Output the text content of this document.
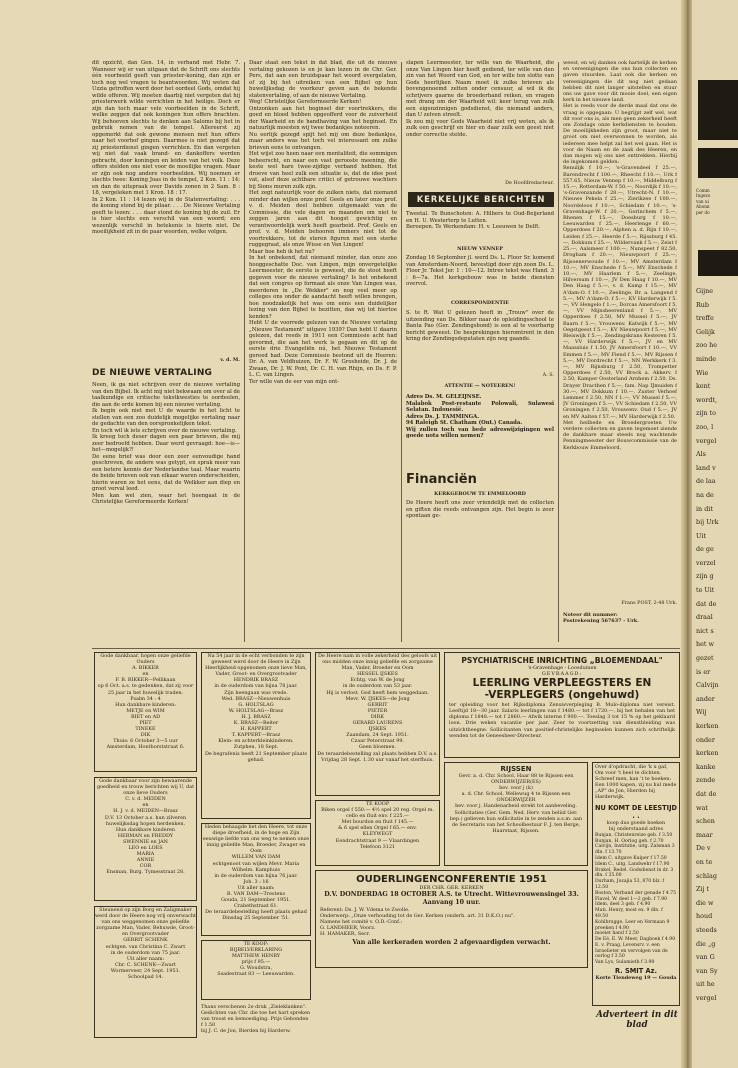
dit opzicht, dan Gen. 14, in verband met Hebr. 7. Wanneer wij er van uitgaan dat de Schrift ons slechts één voorbeeld geeft van priester-koning, dan zijn er toch nog wel vragen te beantwoorden. Wij weten dat Uzzia getroffen werd door het oordeel Gods, omdat hij wilde offeren. Wij moeten daarbij niet vergeten dat hij priesterwerk wilde verrichten in het heilige. Doch er zijn dan toch maar vele voorbeelden in de Schrift, welke zeggen dat ook koningen hun offers brachten. Wij behoeven slechts te denken aan Salomo bij het in gebruik nemen van de tempel. Allereerst zij opgemerkt dat ook gewone mensen met hun offers naar het voorhof gingen. Daarmee is niet gezegd dat zij priesterdienst gingen verrichten. En dan vergeten wij niet dat vaak brand- en dankoffers werden gebracht, door koningen en leiden van het volk. Deze offers stelden ons niet voor de moeilijke vragen. Maar er zijn ook nog andere voorbeelden. Wij noemen er slechts twee: Koning Joas in de tempel, 2 Kon. 11 : 14; en dan de uitspraak over Davids zonen in 2 Sam. 8 : 18, vergeleken met 1 Kron. 18 : 17.
In 2 Kon. 11 : 14 lezen wij in de Statenvertaling: . . . de koning stond bij de pilaar. . . . De Nieuwe Vertaling geeft te lezen: . . . daar stond de koning bij de zuil. Er is hier slechts een verschil van een woord; een wezenlijk verschil in betekenis is hierin niet. De moeilijkheid zit in de paar woorden, welke volgen.
v. d. M.
DE NIEUWE VERTALING
Neen, ik ga niet schrijven over de nieuwe vertaling van den Bijbel. Ik acht mij niet bekwaam om over al de taalkundige en critische tekstkwesties te oordeelen, die aan de orde komen bij een nieuwe vertaling.
Ik begin ook niet met U de waarde in het licht te stellen van een zoo duidelijk mogelijke vertaling naar de gedachte van den oorspronkelijken tekst.
En toch wil ik iets schrijven over de nieuwe vertaling.
Ik kreeg toch deser dagen een paar brieven, die mij zeer bedroefd hebben. Daar werd gevraagd: hoe—is—het—mogelijk?!
De eene brief was door een zeer eenvoudige hand geschreven, de andere was getypt, en sprak meer van een betere kennis der Nederlandse taal. Maar waarin de beide brieven ook van elkaar waren onderscheiden, hierin waren ze het eens, dat de Welkker aan diep en groot verval leed.
Men kan wel zien, waar het heengaat in de Christelijke Gereformeerde Kerken!
Daar staat een tekst in dat blad, die uit de nieuwe vertaling gekozen is en je kan lezen in de Chr. Ger. Pers, dat aan een bruidspaar het woord overgelaten, of zij bij het uitreiken van een Bijbel op hun huwelijksdag de voorkeur geven aan de bekende statenvertaling, of aan de nieuwe Vertaling.
Weg! Christelijke Gereformeerde Kerken!
Ontzonken aan het beginsel der voortrekkers, die goed en bloed hebben opgeofferd voor de zuiverheid der Waarheid en de handhaving van het beginsel. En natuurlijk moesten wij twee bedankjes noteeren.
Nu eerlijk gezegd spijt het mij om deze bedankjes, maar anders was het toch vel interessant om zulke brieven eens te ontvangen.
Het wijst zoo heen naar een mentaliteit, die sommigen beheerscht, en naar een vast gerooste meening, die keste wel hare twee-zijdige verband hebben. Het droeve van heel zulk een situatie is, dat de idee post vat, alsof deze achtbare critici of getrouwe wachters bij Sions muren zulk zijn.
Het zegt natuurlijk voor de zulken niets, dat niemand minder dan wijlen onze prof. Geels en later onze prof. v. d. Meiden deel hebben uitgemaakt van de Commissie, die vele dagen en maanden om niet te zeggen jaren aan dit hoogst gewichtig en verantwoordelijk werk heeft gearbeid. Prof. Geels en prof. v. d. Meiden behooren immers niet tot de voortrekkers, tot de steren figuren met een sterke ruggegraat, als onze Wisse en Van Lingen!
Maar hoe heb ik het nu?
In het onbekend, dat niemand minder, dan onze zoo hooggeschatte Doc. van Lingen, mijn onvergetelijke Leermeester, de eerste is geweest, die de stoot heeft gegeven voor de nieuwe vertaling? Is het onbekend dat een congres op formaat als onze Van Lingen was, meerderen in „De Wekker" en nog veel meer op colleges ons onder de aandacht heeft willen brengen, hoe noodzakelijk het was om eens een duidelijker lezing van den Bijbel te bezitten, dan wij tot hiertoe kenden?
Hebt U de voorrede gelezen van de Nieuwe vertaling „Nieuwe Testament" uitgave 1939? Dan hebt U daarin gelezen, dat reeds in 1911 een Commissie acht had gevormd, die aan het werk is gegaan en dit op de eerste drie Evangeliën nú, het Nieuwe Testament gereed had. Deze Commissie bestond uit de Heeren: Dr. A. van Veldhuizen, Dr. F. W. Grosheide, Dr. J. de Zwaan, Dr. J. W. Pont, Dr. C. H. van Rhijn, en Ds. F. P. L. C. van Lingen.
Ter wille van de eer van mijn ont-
slapen Leermeester, ter wille van de Waarheid, die onze Van Lingen hier heeft gediend, ter wille van den zin van het Woord van God, en ter wille ten slotte van Gods heerlijken Naam moet ik zulke brieven als bovengenoemd zetten onder censuur, al wil ik de schrijvers gaarne de broederhand reiken, en vragen met drang om der Waarheid wil: keer terug van zulk een eigenzinnigen godsdienst, die niemand anders, dan U zelven streelt.
Ik zou mij voor Gods Waarheid niet vrij weten, als ik zulk een geschrijf en hier en daar zulk een geest niet onder correctie stelde.
De Hoofdredacteur.
KERKELIJKE BERICHTEN
Tweetal. Te Bunschoten: A. Hilbers te Oud-Beijerland en H. U. Westerterp te Lutten.
Beroepen. Te Werkendam: H. v. Leeuwen te Delft.
NIEUW VENNEP
Zondag 16 September jl. werd Ds. L. Floor Sr. komend van Amsterdam-Noord, bevestigd door zijn zoon Ds. L. Floor Jr. Tekst Jer. 1 : 10—12. Intree tekst was Hand. 3 : 6—7a. Het kerkgebouw was in beide diensten overvol.
CORRESPONDENTIE
S. te R. Wat U gelezen heeft in „Trouw" over de uitzending van Ds. Bikker naar de opleidingsschool te Banta Pao (Ger. Zendingsbond) is een al te voorbarig bericht geweest. De besprekingen hieromtrent in den kring der Zendingsdeputaten zijn nog gaande.
A. S.
ATTENTIE — NOTEEREN!
Adres Ds. M. GELEIJNSE.
Malabok Post-restante Polowali, Sulawesi Selatan. Indonesië.
Adres Ds. J. TAMMINGA.
94 Raleigh St. Chatham (Ont.) Canada.
Wij zullen toch van bede adreswijzigingen wel goede nota willen nemen?
Financiën
KERKGEBOUW TE EMMELOORD
De Heere heeft ons zeer vriendelijk met de collecten en giften die reeds ontvangen zijn. Het begin is zeer spontaan ge-
weest, en wij danken ook hartelijk de kerken en vereenigingen die ons hun collecten en gaven stuurden. Laat ook die kerken en vereenigingen die dit nog niet gedaan hebben dit niet langer uitstellen en stuur ons uw gave voor dit mooie doel, een eigen kerk in het nieuwe land.
Het is reeds voor de derde maal dat ons de vraag is opgegaan: U begrijpt zelf wel, wat dit voor ons is, als men geen zekerheid heeft om Zondags onze kerkdiensten te houden. De moeilijkheden zijn groot, maar niet te groot om niet overwonnen te worden, als iedereen mee helpt zal het wel gaan. Het is voor de Naam en de zaak des Heeren, en dan mogen wij ons niet onttrekken. Hierbij de ingekomen gelden:
Renulijk f 10.—, 's-Gravendeel f 25.—, Barendrecht f 100.—, Rheecht f 10.—, Urk f 557.65, Nieuw Vennep f 10.—, Middelburg f 15.—, Rotterdam-W. f 50.—, Noordijk f 10.—, 's-Gravenzande f 28.—, Utrecht-N. f 10.—, Nieuwe Pekela f 25.—, Zierikzee f 100.—, Noordeloos f 10.—, Schiedam f 10.—, 's-Gravenhage-W. f 20.—, Gorinchem f 5.—, Rhenen f 15.—, Doesburg f 10.—, Leeuwarden f 25.—, Heerlenge f 60.—, Opperdoes f 20.—, Alphen a. d. Rijn f 10.—, Leiden f 25.—, Heerde f 5.—, Rijssburg f 45.—, Dokkum f 25.—, Wildervank f 5.—, Zeist f 25.—, Aalsmeer f 100.—, Nunspeet f 82.50, Drogham f 20.—, Nieuwpoort f 25.—, Rijsoenerwoude f 10.—, MV Amsterdam f 10.—, MV Enschede f 5.—, MV Enschede f 10.—, MV Haarlem f 5.—, Zeelinge, Hilversum f 10.—, JV Den Haag f 10.—, MV Den Haag f 5.—, v. d. Kamp f 15.—, MV A'dam-O. f 10.—, Zeelinge, Br. a. Langend f 5.—, MV A'dam-O. f 5.—, KV Harderwijk f 5.—, VV Hengelo f 1.—, Dorcas Amersfoort f 5.—, VV Mijnsheerenland f 5.—, MV Opperdoes f 2.50, MV Mussel f 5.—, JV Baarn f 5.—, Vrouwenv. Katwijk f 5.—, MV Oegstgeest f 5.—, KV Nieuwpoort f 5.—, MV Bleiswijk f 5.—, Zendingskrans Kesteren f 5.—, VV Harderwijk f 5.—, JV en MV Maassluis f 1.50, JV Amersfoort f 10.—, VV Emmen f 5.—, MV Fiend f 5.—, MV Rijssen f 5.—, MV Dordrecht f 5.—, NN Werkkerk f 3.—, MV Rijnsburg f 2.50, Trompetter Opperdoes f 2.50, VV Brock a. Akkerv. f 2.50, Kamper Oosterland Arnhem f 2.50, Ds. Drayer Dracthen f 5.—, fam. Nap IJmuiden f 30.—, MV Dokkum f 10.—, Zuster Verhoef Lemmer f 2.50, NN f 1.—, VV Mussel f 5.—, JV Groningen f 5.—, VV Schiedam f 2.50, VV Groningen f 2.50, Vrouwenv. Oud f 5.—, JV en MV Aalten f 57.—, MV Harderwijk f 2.50.
Met heilbede en Broedergroeten Uw verdere collecten en gaven tegemoet ziende de dankbare maar steeds nog wachtende Penningmeester der Bouwcommissie van de Kerkbouw Emmeloord,
Frans POST, 2-48 Urk.
Noteer dit nummer:
Postrekening 567637 - Urk.
Gode dankbaar, hopen onze geliefde Ouders
A. BIKKER
en
F. B. BIKKER—Pellikaan
op 6 Oct. a.s. te gedenken, dat zij voor 25 jaar in het huwelijk traden.
Psalm 34 : 4
Hun dankbare kinderen:
METJE en WIM
RIET en AD
PIET
TINEKE
DIK
Thuis: 6 October 3—5 uur
Amsterdam, Honthorststraat 6.
Gode dankbaar voor zijn bewaarende goedheid en trouw berichten wij U, dat onze lieve Ouders
C. v. d. MEIDEN
en
H. J. v. d. MEIDEN—Brasz
D.V. 13 October a.s. hun zilveren huwelijksdag hopen herdenken.
Hun dankbare kinderen
HERMAN en FREDDY
SWENNIE en JAN
LEO en LOES
MARIA
ANNIE
COR
Ensman, Burg. Tymesstraat 28.
Steunend op zijn Borg en Zaligmaker werd door de Heere nog vrij onverwacht van ons weggenomen onze geliefde zorgzame Man, Vader, Behuwde, Groot- en Overgrootvader
GERRIT SCHENK
echtgen. van Christina C. Zwart
in de ouderdom van 75 jaar.
Uit aller naam:
Chr. C. SCHENK—Zwart
Wormerveer, 24 Sept. 1951.
Schoolpad 14.
Na 54 jaar in de echt verbonden te zijn geweest werd door de Heere in Zijn Heerlijkheid opgenomen onze lieve Man, Vader, Groot- en Overgrootvader
HENDRIK BRASZ
in de ouderdom van bijna 78 jaar.
Zijn heengaan was vrede.
Wed. BRASZ—Nieuwenhuis
G. HOLTSLAG
W. HOLTSLAG—Brasz
H. J. BRASZ
K. BRASZ—Beiter
H. KAPPERT
T. KAPPERT—Brasz
Klein- en achterkleinkinderen.
Zutphen, 18 Sept.
De begrafenis heeft 21 September plaats gehad.
Heden behaagde het den Heere, tot onze diepe droefheid, in de hoge en Zijn eeuwige liefde van ons weg te nemen onze innig geliefde Man, Broeder, Zwager en Oom
WILLEM VAN DAM
echtgenoot van wijlen Mevr. Maria Wilhelm. Kamphuis
in de ouderdom van bijna 76 jaar.
Joh. 3 : 16
Uit aller naam:
B. VAN DAM—Trestens
Gouda, 21 September 1951.
Crabethstraat 61.
De teraardebestelling heeft plaats gehad Dinsdag 25 September '51.
TE KOOP:
BIJBELVERKLARING
MATTHEW HENRY
prijs f 95.—
G. Woudstra,
Ssadestraat 83 — Leeuwarden.
Thans verschenen 2e druk „Zieleklanken". Gedichten van Chr. die toe het hart spreken van troost en bemoediging. Prijs Gebonden f 1.50
bij J. C. de Jon, Bierden bij Harderw.
De Heere nam in volle zekerheid des geloofs uit ons midden onze innig geliefde en zorgzame Man, Vader, Broeder en Oom
HESSEL IJSKES
Echtg. van W. de Jong
in de ouderdom van 53 jaar.
Hij is verlost. God heeft hem weggedaan.
Mevr. W. IJSKES—de Jong
GERRIT
PIETER
DIRK
GERARD LAURENS
IJSKES
Zaandam, 24 Sept. 1951.
Czaar Peterstraat 99.
Geen bloemen.
De teraardebestelling zal plaats hebben D.V. a.s. Vrijdag 28 Sept. 1.30 uur vanaf het sterfhuis.
TE KOOP
Biken orgel f 550.— 4½ spel 20 reg. Orgel m. cello en fluit env. f 225.—
Met bourdon en fluit f 145.—
& 6 spel ellen Orgel f 65.— env.
KLEYWEGT
Eendrachtstraat 9 — Vlaardingen
Telefoon 3121
OUDERLINGENCONFERENTIE 1951
DER CHR. GER. KERKEN
D.V. DONDERDAG 18 OCTOBER A.S. te Utrecht. Wittevrouwensingel 33.
Aanvang 10 uur.
Referent: Ds. J. W. Vdema te Zwolle.
Onderwerp: „Onze verhouding tot de Ger. Kerken (onderh. art. 31 D.K.O.) nu".
Namens het comité v. O.D.-Conf.:
G. LANDHEER, Voorz.
H. HAMAKER, Secr.
Van alle kerkeraden worden 2 afgevaardigden verwacht.
PSYCHIATRISCHE INRICHTING „BLOEMENDAAL"
's-Gravenhage - Loosduinen
GEVRAAGD:
LEERLING VERPLEEGSTERS EN
-VERPLEGERS (ongehuwd)
ter opleiding voor het Rijksdiploma Zenuwverpleging B. Mulo-diploma niet vereist. Leeftijd 18—30 jaar. Salaris leerlingen van f 1480.— tot f 1720.—, bij het behalen van het diploma f 1848.— tot f 2860.— Afwik interne f 900.—. Toeslag 3 tot 15 % op het geklaard loon. Drie weken vacantie per jaar. Zeer te voortzetting van dienstbleiding was uitzichtheegne. Sollicitanten van positief-christelijke beginselen kunnen zich schriftelijk wenden tot de Geneesheer-Directeur.
RIJSSEN
Gevr. a. d. Chr. School, Haar 88 te Rijssen een
ONDERWIJZER(ES)
bev. voor j (k)
a. d. Chr. School, Wellewug 4 te Rijssen een
ONDERWIJZER
bev. voor j. Handenarbeid strekt tot aanbeveling.
Sollicitaties (Ger. Gem. Ned. Herv. van beliid Ger. bep.) gelieven hun sollicitatie in te zenden a.s.m. aan de Secretaris van het Schoolbestuur F. J. ten Berge, Haarstaat, Rijssen.
Over d'opdracht, die 'k u gaf,
Om voor 't heel te dichten.
Schreef men, kan 't te boeken:
Een 1000 kapen, zij nu hul mede „AP" de Jon, Hierden bij Harderwijk.
NU KOMT DE LEESTIJD . .
koop dus goede boeken
bij onderstaand adres
Bunjan, Christenreize geb. f 3.50
Bunjan, H. Oorlog geb. f 2.70
Calvijn, Institutie, uitg. Zalsman 3 dln. f 13.70
Idem C, uitgave Kuiper f 17.50
Idem C., uitg. Landwehr f 17.90
Brakel, Redel. Godsdienst in dr. 3 dln. f 35.00
Durham, Jozajia 53, 870 blz. f 12.50
Boston, Verband der genade f 4.75
Flavel, W. deel 1—2 geb. f 7.90
Idem, deel 3 geb. f 4.90
Mati. Henry, most ex. 9 dln. f 49.50
Kohlbrugge, Leer en Vermaan 9 preeken f 4.90
moeiet hand f 2.50
De Eé, E. W. Meer, Dagboek f 4.90
E. v. Praag, Levensrv. v. een Israelieter en vervolgen van de oorlog f 3.50
Van Lys, Sulamieth f 3.90
R. SMIT Az.
Korte Tiendeweg 19 — Gouda
Adverteert in dit blad
Comm
Ingezo
van ui
Abonn
per do
Gijne
Rub
treffe
Gelijk
zoo he
minde
Wie
kent
wordt,
zijn to
zoo, l
vergel
Als
land v
de laa
na de
in dit
bij Urk
Uit
de ge
verzel
zijn g
te Uit
dat de
draal
nict s
het w
gezet
is er
Calvijn
ander
Wij
kerken
onder
kerken
kanke
zende
dat de
wat
schen
maar
De v
en te
schlag
Zij t
die w
houd
steeds
die „g
van G
van Sy
uit he
vergel
